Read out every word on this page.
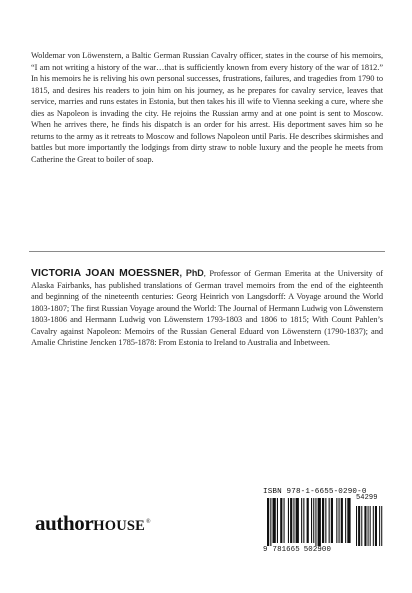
Woldemar von Löwenstern, a Baltic German Russian Cavalry officer, states in the course of his memoirs, “I am not writing a history of the war…that is sufficiently known from every history of the war of 1812.” In his memoirs he is reliving his own personal successes, frustrations, failures, and tragedies from 1790 to 1815, and desires his readers to join him on his journey, as he prepares for cavalry service, leaves that service, marries and runs estates in Estonia, but then takes his ill wife to Vienna seeking a cure, where she dies as Napoleon is invading the city. He rejoins the Russian army and at one point is sent to Moscow. When he arrives there, he finds his dispatch is an order for his arrest. His deportment saves him so he returns to the army as it retreats to Moscow and follows Napoleon until Paris. He describes skirmishes and battles but more importantly the lodgings from dirty straw to noble luxury and the people he meets from Catherine the Great to boiler of soap.

VICTORIA JOAN MOESSNER, PhD, Professor of German Emerita at the University of Alaska Fairbanks, has published translations of German travel memoirs from the end of the eighteenth and beginning of the nineteenth centuries: Georg Heinrich von Langsdorff: A Voyage around the World 1803-1807; The first Russian Voyage around the World: The Journal of Hermann Ludwig von Löwenstern 1803-1806 and Hermann Ludwig von Löwenstern 1793-1803 and 1806 to 1815; With Count Pahlen’s Cavalry against Napoleon: Memoirs of the Russian General Eduard von Löwenstern (1790-1837); and Amalie Christine Jencken 1785-1878: From Estonia to Ireland to Australia and Inbetween.

authorHOUSE®
ISBN 978-1-6655-0290-0
9 781665 502900
54299
